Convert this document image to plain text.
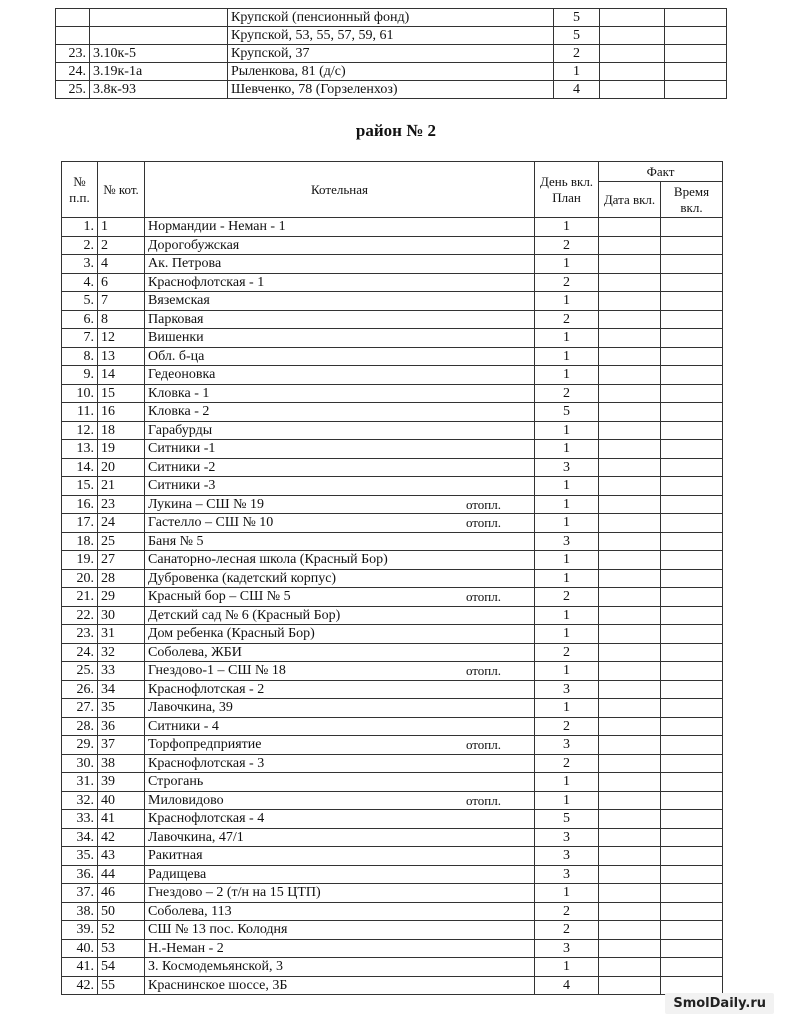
		Крупской (пенсионный фонд)	5		
		Крупской, 53, 55, 57, 59, 61	5		
23.	3.10к-5	Крупской, 37	2		
24.	3.19к-1а	Рыленкова, 81 (д/с)	1		
25.	3.8к-93	Шевченко, 78 (Горзеленхоз)	4		
район № 2
№ п.п.	№ кот.	Котельная	День вкл. План	Факт	
				Дата вкл.	Время вкл.
1.	1	Нормандии - Неман - 1	1		
2.	2	Дорогобужская	2		
3.	4	Ак. Петрова	1		
4.	6	Краснофлотская - 1	2		
5.	7	Вяземская	1		
6.	8	Парковая	2		
7.	12	Вишенки	1		
8.	13	Обл. б-ца	1		
9.	14	Гедеоновка	1		
10.	15	Кловка - 1	2		
11.	16	Кловка - 2	5		
12.	18	Гарабурды	1		
13.	19	Ситники -1	1		
14.	20	Ситники -2	3		
15.	21	Ситники -3	1		
16.	23	Лукина – СШ № 19 отопл.	1		
17.	24	Гастелло – СШ № 10 отопл.	1		
18.	25	Баня № 5	3		
19.	27	Санаторно-лесная школа (Красный Бор)	1		
20.	28	Дубровенка (кадетский корпус)	1		
21.	29	Красный бор – СШ № 5 отопл.	2		
22.	30	Детский сад № 6 (Красный Бор)	1		
23.	31	Дом ребенка (Красный Бор)	1		
24.	32	Соболева, ЖБИ	2		
25.	33	Гнездово-1 – СШ № 18 отопл.	1		
26.	34	Краснофлотская - 2	3		
27.	35	Лавочкина, 39	1		
28.	36	Ситники - 4	2		
29.	37	Торфопредприятие отопл.	3		
30.	38	Краснофлотская - 3	2		
31.	39	Строгань	1		
32.	40	Миловидово отопл.	1		
33.	41	Краснофлотская - 4	5		
34.	42	Лавочкина, 47/1	3		
35.	43	Ракитная	3		
36.	44	Радищева	3		
37.	46	Гнездово – 2 (т/н на 15 ЦТП)	1		
38.	50	Соболева, 113	2		
39.	52	СШ № 13 пос. Колодня	2		
40.	53	Н.-Неман - 2	3		
41.	54	З. Космодемьянской, 3	1		
42.	55	Краснинское шоссе, 3Б	4		
SmolDaily.ru
